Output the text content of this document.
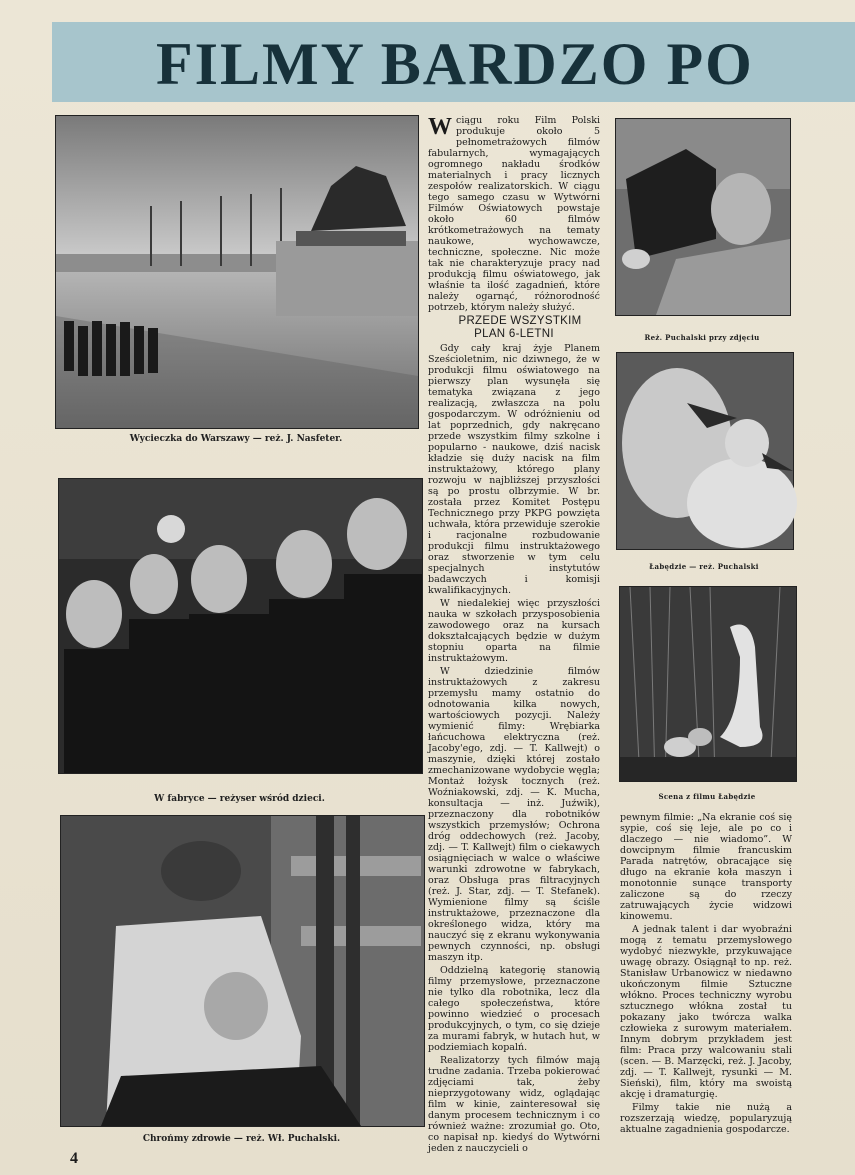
FILMY BARDZO PO

Wycieczka do Warszawy — reż. J. Nasfeter.

W fabryce — reżyser wśród dzieci.

Chrońmy zdrowie — reż. Wł. Puchalski.

Wciągu roku Film Polski produkuje około 5 pełnometrażowych filmów fabularnych, wymagających ogromnego nakładu środków materialnych i pracy licznych zespołów realizatorskich. W ciągu tego samego czasu w Wytwórni Filmów Oświatowych powstaje około 60 filmów krótkometrażowych na tematy naukowe, wychowawcze, techniczne, społeczne. Nic może tak nie charakteryzuje pracy nad produkcją filmu oświatowego, jak właśnie ta ilość zagadnień, które należy ogarnąć, różnorodność potrzeb, którym należy służyć.

PRZEDE WSZYSTKIM
PLAN 6-LETNI

Gdy cały kraj żyje Planem Sześcioletnim, nic dziwnego, że w produkcji filmu oświatowego na pierwszy plan wysunęła się tematyka związana z jego realizacją, zwłaszcza na polu gospodarczym. W odróżnieniu od lat poprzednich, gdy nakręcano przede wszystkim filmy szkolne i popularno - naukowe, dziś nacisk kładzie się duży nacisk na film instruktażowy, którego plany rozwoju w najbliższej przyszłości są po prostu olbrzymie. W br. została przez Komitet Postępu Technicznego przy PKPG powzięta uchwała, która przewiduje szerokie i racjonalne rozbudowanie produkcji filmu instruktażowego oraz stworzenie w tym celu specjalnych instytutów badawczych i komisji kwalifikacyjnych.

W niedalekiej więc przyszłości nauka w szkołach przysposobienia zawodowego oraz na kursach dokształcających będzie w dużym stopniu oparta na filmie instruktażowym.

W dziedzinie filmów instruktażowych z zakresu przemysłu mamy ostatnio do odnotowania kilka nowych, wartościowych pozycji. Należy wymienić filmy: Wrębiarka łańcuchowa elektryczna (reż. Jacoby'ego, zdj. — T. Kallwejt) o maszynie, dzięki której zostało zmechanizowane wydobycie węgla; Montaż łożysk tocznych (reż. Woźniakowski, zdj. — K. Mucha, konsultacja — inż. Juźwik), przeznaczony dla robotników wszystkich przemysłów; Ochrona dróg oddechowych (reż. Jacoby, zdj. — T. Kallwejt) film o ciekawych osiągnięciach w walce o właściwe warunki zdrowotne w fabrykach, oraz Obsługa pras filtracyjnych (reż. J. Star, zdj. — T. Stefanek). Wymienione filmy są ściśle instruktażowe, przeznaczone dla określonego widza, który ma nauczyć się z ekranu wykonywania pewnych czynności, np. obsługi maszyn itp.

Oddzielną kategorię stanowią filmy przemysłowe, przeznaczone nie tylko dla robotnika, lecz dla całego społeczeństwa, które powinno wiedzieć o procesach produkcyjnych, o tym, co się dzieje za murami fabryk, w hutach hut, w podziemiach kopalń.

Realizatorzy tych filmów mają trudne zadania. Trzeba pokierować zdjęciami tak, żeby nieprzygotowany widz, oglądając film w kinie, zainteresował się danym procesem technicznym i co również ważne: zrozumiał go. Oto, co napisał np. kiedyś do Wytwórni jeden z nauczycieli o

Reż. Puchalski przy zdjęciu

Łabędzie — reż. Puchalski

Scena z filmu Łabędzie

pewnym filmie: „Na ekranie coś się sypie, coś się leje, ale po co i dlaczego — nie wiadomo”. W dowcipnym filmie francuskim Parada natrętów, obracające się długo na ekranie koła maszyn i monotonnie sunące transporty zaliczone są do rzeczy zatruwających życie widzowi kinowemu.

A jednak talent i dar wyobraźni mogą z tematu przemysłowego wydobyć niezwykłe, przykuwające uwagę obrazy. Osiągnął to np. reż. Stanisław Urbanowicz w niedawno ukończonym filmie Sztuczne włókno. Proces techniczny wyrobu sztucznego włókna został tu pokazany jako twórcza walka człowieka z surowym materiałem. Innym dobrym przykładem jest film: Praca przy walcowaniu stali (scen. — B. Marzęcki, reż. J. Jacoby, zdj. — T. Kallwejt, rysunki — M. Sieński), film, który ma swoistą akcję i dramaturgię.

Filmy takie nie nużą a rozszerzają wiedzę, popularyzują aktualne zagadnienia gospodarcze.

4
